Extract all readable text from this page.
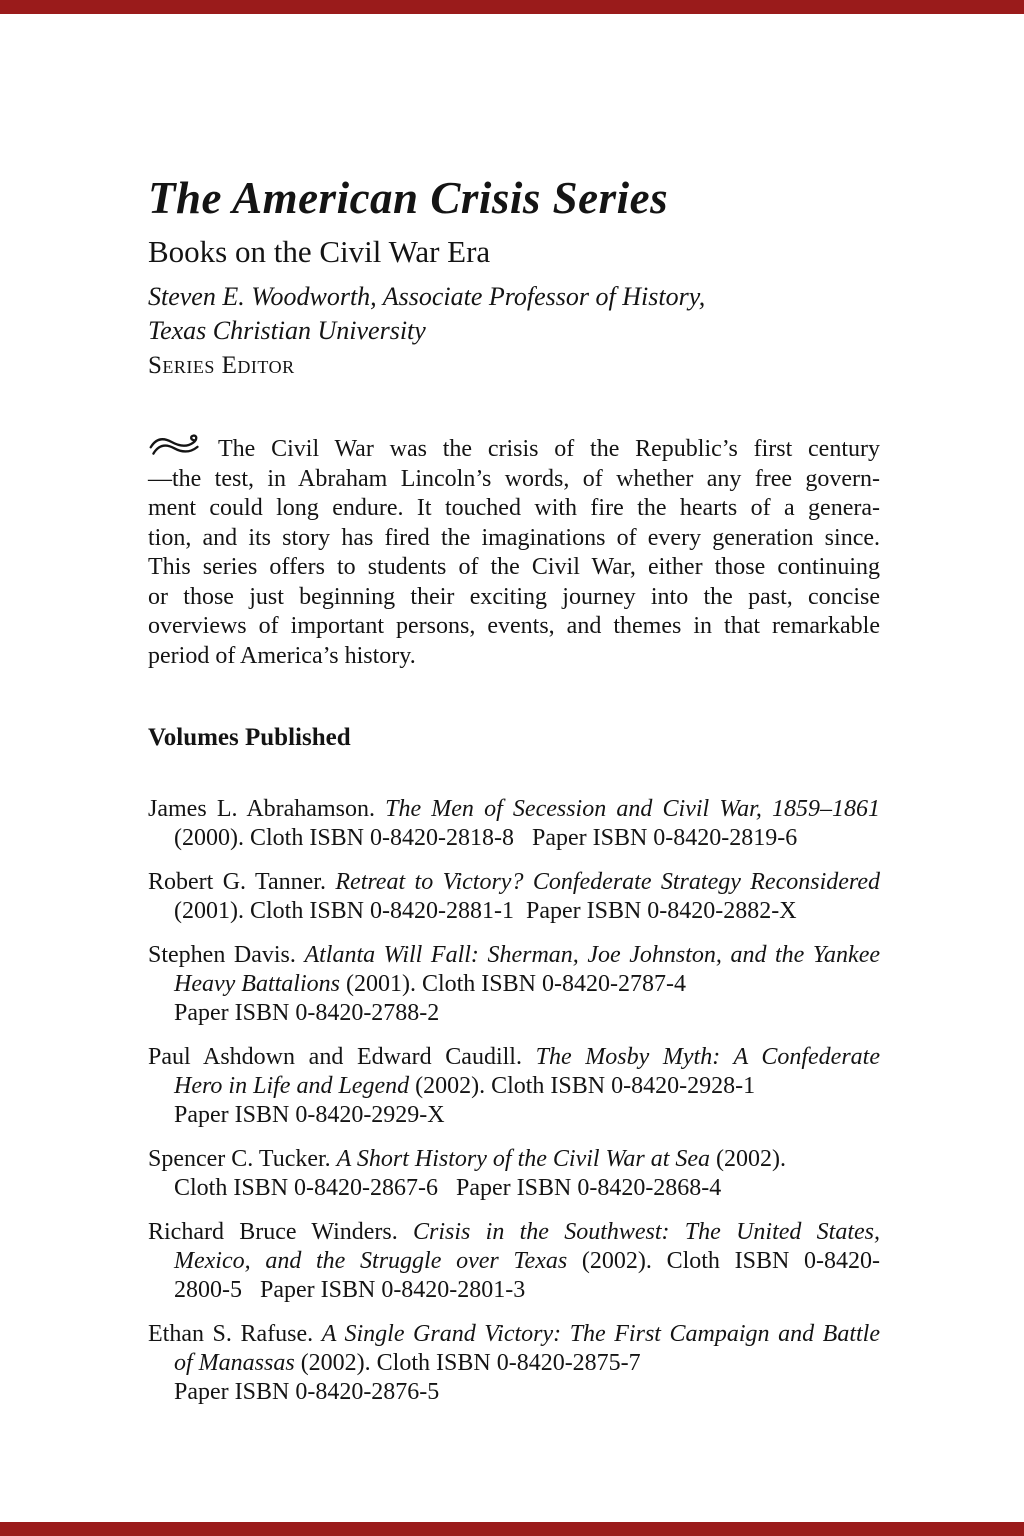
The American Crisis Series
Books on the Civil War Era
Steven E. Woodworth, Associate Professor of History,
Texas Christian University
Series Editor
The Civil War was the crisis of the Republic’s first century
—the test, in Abraham Lincoln’s words, of whether any free govern-
ment could long endure. It touched with fire the hearts of a genera-
tion, and its story has fired the imaginations of every generation since.
This series offers to students of the Civil War, either those continuing
or those just beginning their exciting journey into the past, concise
overviews of important persons, events, and themes in that remarkable
period of America’s history.
Volumes Published
James L. Abrahamson. The Men of Secession and Civil War, 1859–1861
(2000). Cloth ISBN 0-8420-2818-8   Paper ISBN 0-8420-2819-6
Robert G. Tanner. Retreat to Victory? Confederate Strategy Reconsidered
(2001). Cloth ISBN 0-8420-2881-1  Paper ISBN 0-8420-2882-X
Stephen Davis. Atlanta Will Fall: Sherman, Joe Johnston, and the Yankee
Heavy Battalions (2001). Cloth ISBN 0-8420-2787-4
Paper ISBN 0-8420-2788-2
Paul Ashdown and Edward Caudill. The Mosby Myth: A Confederate
Hero in Life and Legend (2002). Cloth ISBN 0-8420-2928-1
Paper ISBN 0-8420-2929-X
Spencer C. Tucker. A Short History of the Civil War at Sea (2002).
Cloth ISBN 0-8420-2867-6   Paper ISBN 0-8420-2868-4
Richard Bruce Winders. Crisis in the Southwest: The United States,
Mexico, and the Struggle over Texas (2002). Cloth ISBN 0-8420-
2800-5   Paper ISBN 0-8420-2801-3
Ethan S. Rafuse. A Single Grand Victory: The First Campaign and Battle
of Manassas (2002). Cloth ISBN 0-8420-2875-7
Paper ISBN 0-8420-2876-5
